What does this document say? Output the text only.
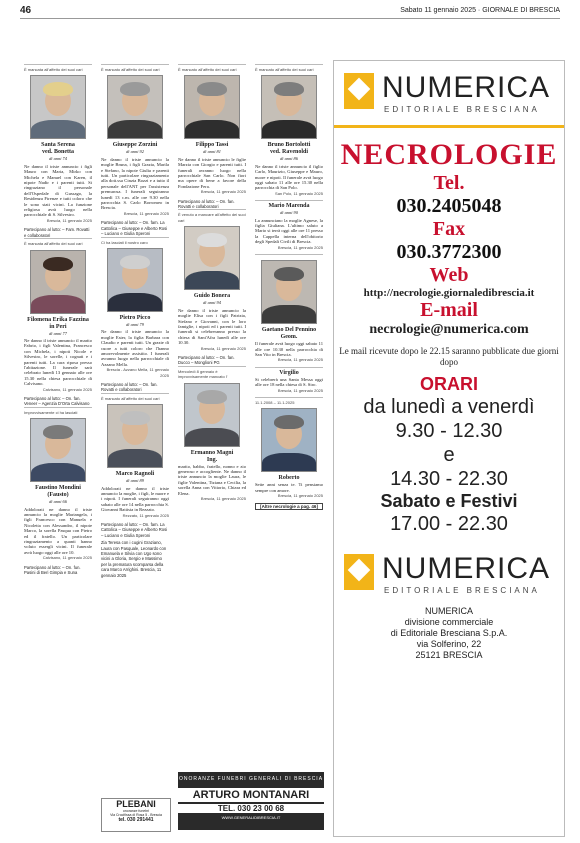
46	Sabato 11 gennaio 2025 · GIORNALE DI BRESCIA
È mancata all'affetto dei suoi cari
Santa Serena
ved. Bonetta
di anni 74
Ne danno il triste annuncio i figli Mauro con Maria, Mirko con Michela e Manuel con Karen, il nipote Nadir e i parenti tutti. Si ringraziano il personale dell'Ospedale di Gussago, la Residenza Firenze e tutti coloro che le sono stati vicini. La funzione religiosa avrà luogo nella parrocchiale di S. Silvestro.
Brescia, 11 gennaio 2025
Partecipano al lutto: – Fam. Rovatti e collaboratori
È mancata all'affetto dei suoi cari
Filomena Erika Fazzina
in Peri
di anni 77
Ne danno il triste annuncio il marito Fabrio, i figli Valentina, Francesco con Michela, i nipoti Nicole e Silvestro, le sorelle, i cognati e i parenti tutti. La cara riposa presso l'abitazione. Il funerale sarà celebrato lunedì 13 gennaio alle ore 15.30 nella chiesa parrocchiale di Calvisano.
Calvisano, 11 gennaio 2025
Partecipano al lutto: – On. fan. Veneer – Agenzia D'Orta Calvisano
Improvvisamente ci ha lasciati
Faustino Mondini
(Fausto)
di anni 66
Addolorati ne danno il triste annuncio la moglie Mariangela, i figli Francesco con Manuela e Nicoletta con Alessandro, il nipote Marco, la sorella Pasqua con Pietro ed il fratello. Un particolare ringraziamento a quanti hanno voluto essergli vicini. Il funerale avrà luogo oggi alle ore 10.
Calvisano, 11 gennaio 2025
Partecipano al lutto: – On. fun. Pasini di Beri Gimpia e Suna
È mancato all'affetto dei suoi cari
Giuseppe Zorzini
di anni 92
Ne danno il triste annuncio la moglie Bruna, i figli Grazia, Marila e Stefano, la nipote Giulia e parenti tutti. Un particolare ringraziamento alla dott.ssa Cinzia Bozzi e a tutto il personale dell'ANT per l'assistenza premurosa. I funerali seguiranno lunedì 13 c.m. alle ore 9.30 nella parrocchia S. Carlo Borromeo in Brescia.
Brescia, 11 gennaio 2025
Partecipano al lutto: – On. fam. La Cattolica – Giuseppe e Alberto Rosi – Luciano e Giulia Speroni
Ci ha lasciati il nostro caro
Pietro Picco
di anni 79
Ne danno il triste annuncio la moglie Ester, la figlia Barbara con Claudio e parenti tutti. Un grazie di cuore a tutti coloro che l'hanno amorevolmente assistito. I funerali avranno luogo nella parrocchiale di Azzano Mella.
Brescia - Azzano Mella, 11 gennaio 2025
Partecipano al lutto: – On. fan. Rovatti e collaboratori
È mancato all'affetto dei suoi cari
Marco Ragnoli
di anni 89
Addolorati ne danno il triste annuncio la moglie, i figli, le nuore e i nipoti. I funerali seguiranno oggi sabato alle ore 14 nella parrocchia S. Giovanni Battista in Rezzato.
Rezzato, 11 gennaio 2025
Partecipano al lutto: – On. fam. La Cattolica – Giuseppe e Alberto Rosi – Luciano e Giulia Speroni
Zia Teresa con i cugini Graziano, Laura con Pasquale, Leonardo con Emanuela e Silvia con Ugo sono vicini a Gloria, Sergio e Massimo per la prematura scomparsa della cara Marco Arrighini. Brescia, 11 gennaio 2025
È mancato all'affetto dei suoi cari
Filippo Tassi
di anni 81
Ne danno il triste annuncio le figlie Marzia con Giorgio e parenti tutti. I funerali avranno luogo nella parrocchiale San Carlo. Non fiori ma opere di bene a favore della Fondazione Fera.
Brescia, 11 gennaio 2025
Partecipano al lutto: – On. fan. Rovatti e collaboratori
È venuto a mancare all'affetto dei suoi cari
Guido Bonera
di anni 94
Ne danno il triste annuncio la moglie Elisa con i figli Patrizia, Stefano e Giovanni, con le loro famiglie, i nipoti ed i parenti tutti. I funerali si celebreranno presso la chiesa di Sant'Afra lunedì alle ore 10.30.
Brescia, 11 gennaio 2025
Partecipano al lutto: – On. fan. Ducco – Monglioni PG
Mercoledì 8 gennaio è improvvisamente mancato l'
Ermanno Magni
Ing.
marito, babbo, fratello, nonno e zio generoso e accogliente. Ne danno il triste annuncio la moglie Laura, le figlie Valentina, Tiziana e Cecilia, la sorella Anna con Vittorio, Chiara ed Elena.
Brescia, 11 gennaio 2025
È mancato all'affetto dei suoi cari
Bruno Bortolotti
ved. Ravenoldi
di anni 86
Ne danno il triste annuncio il figlio Carlo, Maurizio, Giuseppe e Mauro, nuore e nipoti. Il funerale avrà luogo oggi sabato 11 alle ore 15.30 nella parrocchia di San Polo.
San Polo, 11 gennaio 2025
Mario Marenda
di anni 90
La annunciano la moglie Agnese, la figlia Giuliana. L'ultimo saluto a Mario si terrà oggi alle ore 11 presso la Cappella interna dell'obitorio degli Spedali Civili di Brescia.
Brescia, 11 gennaio 2025
Gaetano Del Pennino
Geom.
Il funerale avrà luogo oggi sabato 11 alle ore 10.30 nella parrocchia di San Vito in Brescia.
Brescia, 11 gennaio 2025
Virgilio
Si celebrerà una Santa Messa oggi alle ore 18 nella chiesa di S. Siro.
Brescia, 11 gennaio 2025
11.1.2008 – 11.1.2025
Roberto
Sette anni senza te. Ti pensiamo sempre con amore.
Brescia, 11 gennaio 2025
[Altre necrologie a pag. 46]
PLEBANI
onoranze funebri
Via Crocifissa di Rosa 5 - Brescia
tel. 030 291441
ONORANZE FUNEBRI GENERALI DI BRESCIA
ARTURO MONTANARI
TEL. 030 23 00 68
WWW.GENERALIDIBRESCIA.IT
NUMERICA
EDITORIALE BRESCIANA
NECROLOGIE
Tel.
030.2405048
Fax
030.3772300
Web
http://necrologie.giornaledibrescia.it
E-mail
necrologie@numerica.com
Le mail ricevute dopo le 22.15 saranno pubblicate due giorni dopo
ORARI
da lunedì a venerdì
9.30 - 12.30
e
14.30 - 22.30
Sabato e Festivi
17.00 - 22.30
NUMERICA
EDITORIALE BRESCIANA
NUMERICA
divisione commerciale
di Editoriale Bresciana S.p.A.
via Solferino, 22
25121 BRESCIA
